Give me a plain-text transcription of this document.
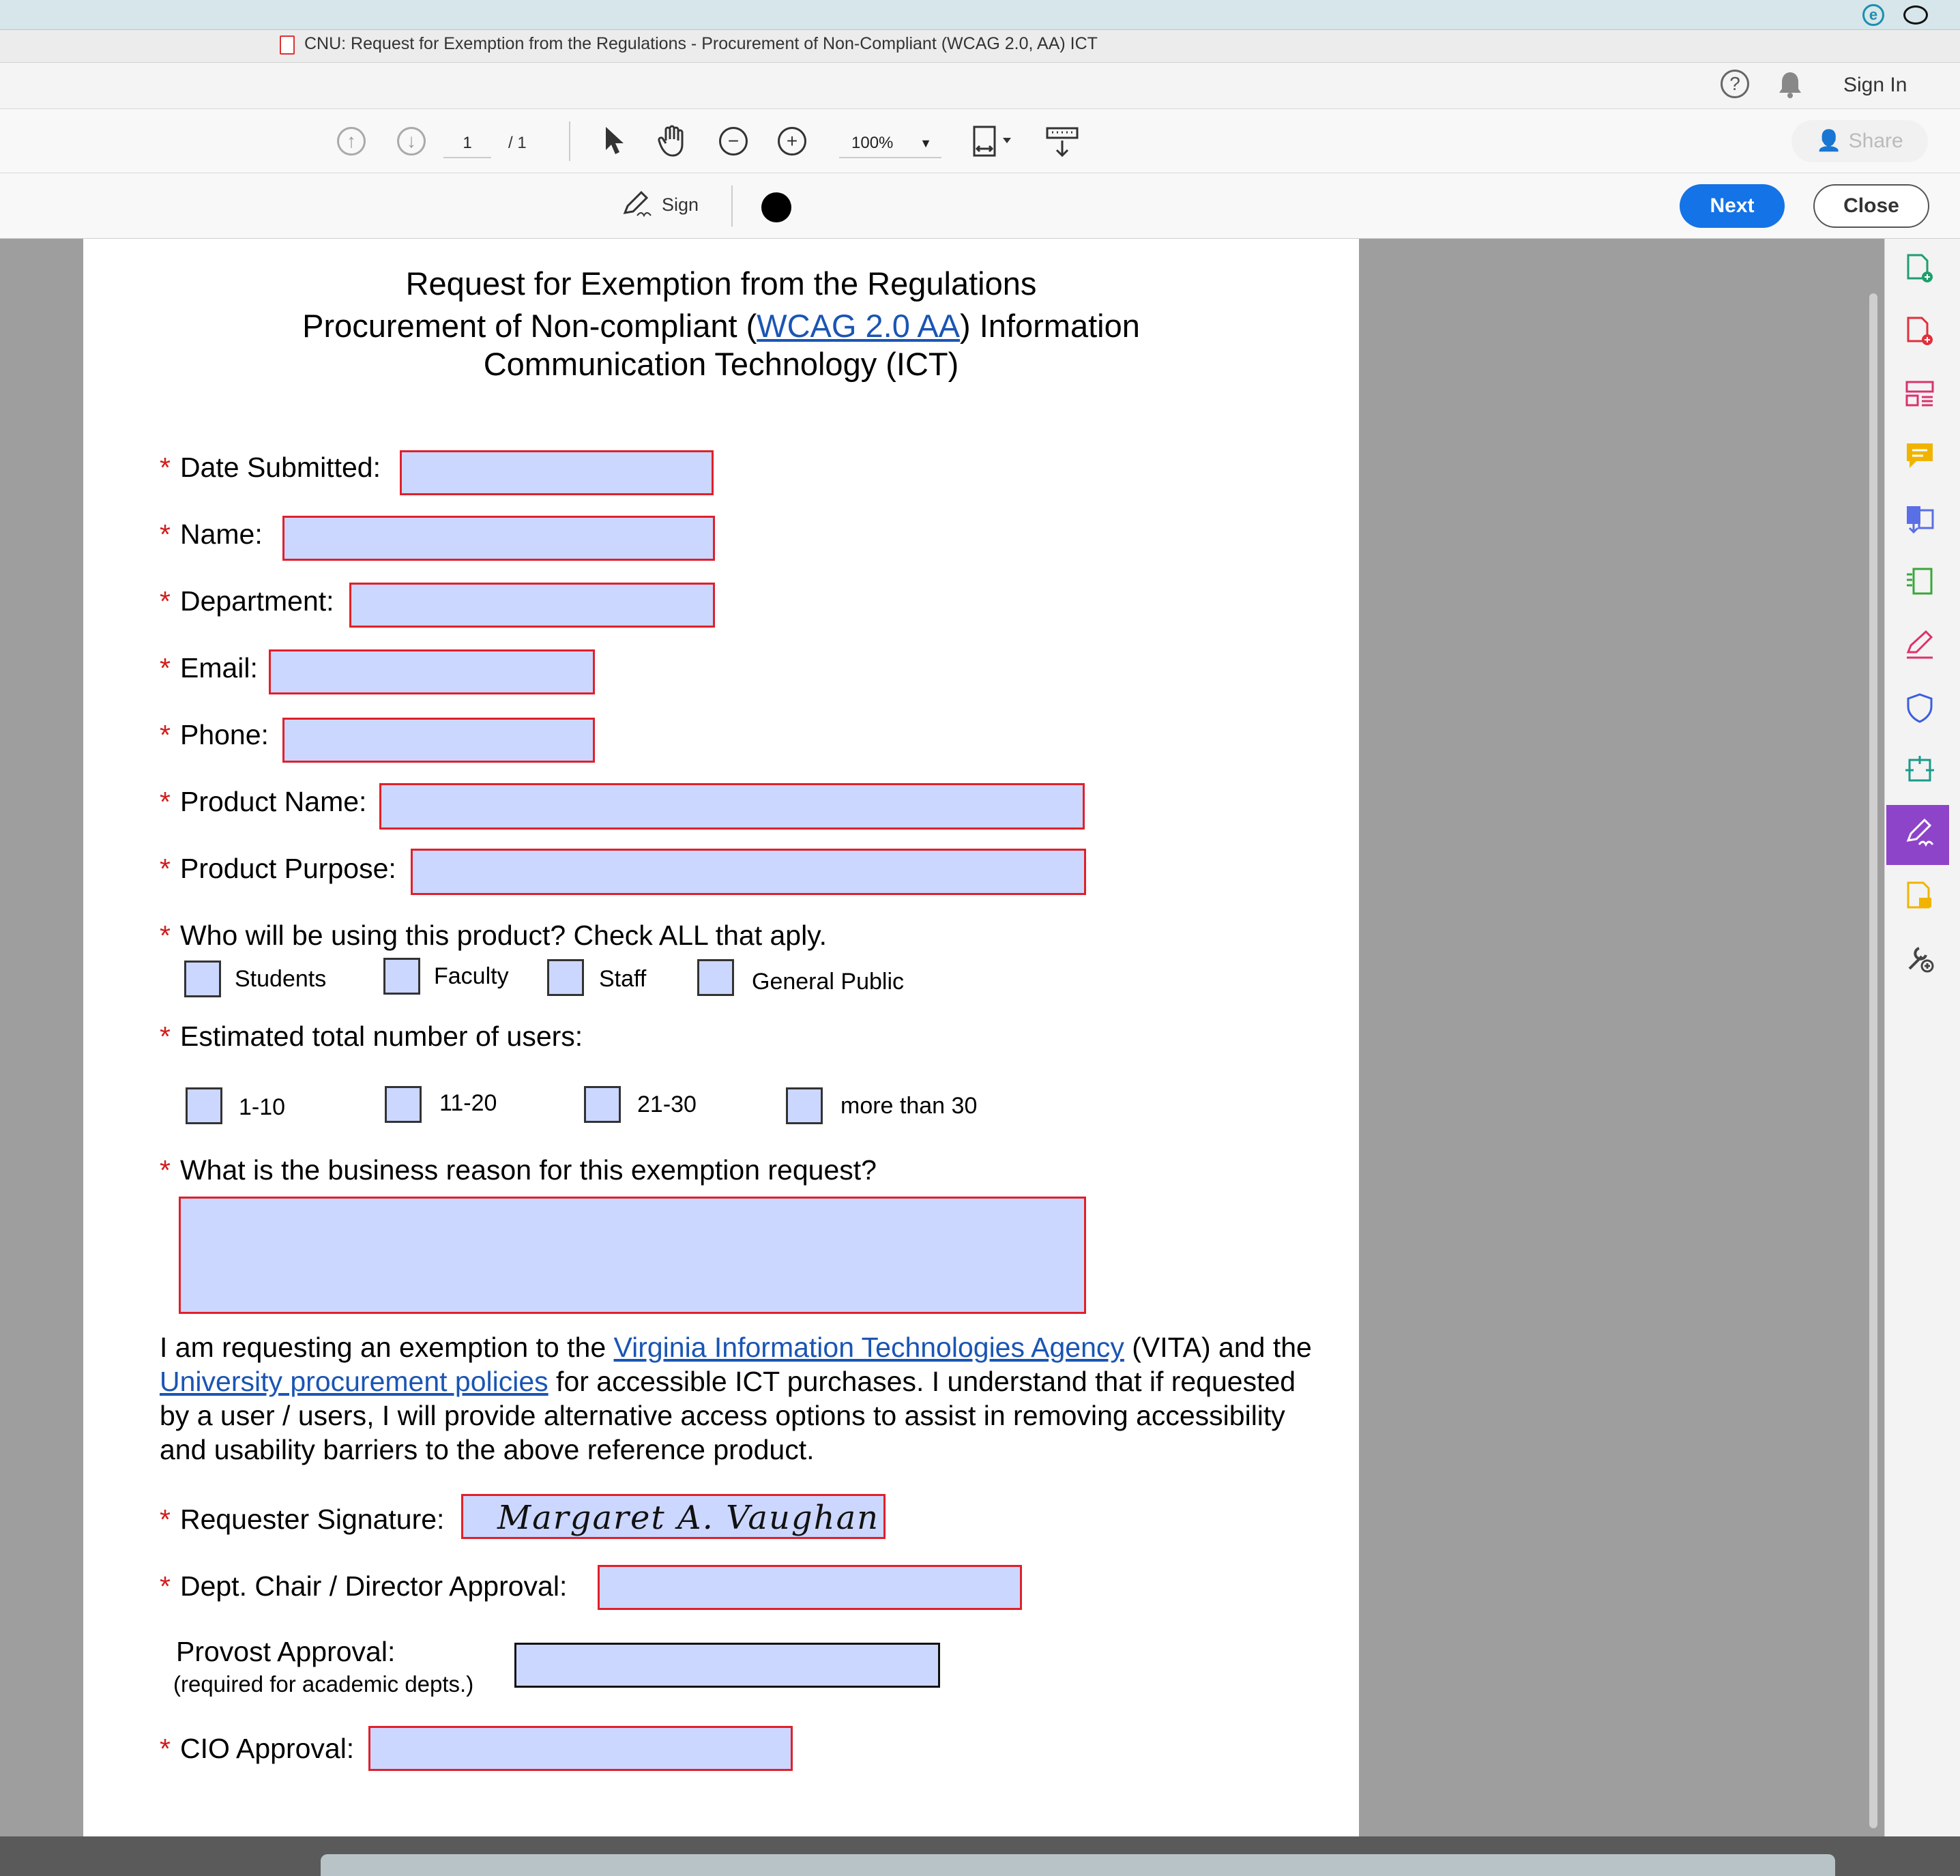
e
CNU: Request for Exemption from the Regulations - Procurement of Non-Compliant (WCAG 2.0, AA) ICT
?	Sign In
↑	↓	1	/ 1	−	+	100% ▼	👤 Share
Sign	Next	Close
Request for Exemption from the Regulations
Procurement of Non-compliant (WCAG 2.0 AA) Information
Communication Technology (ICT)
* Date Submitted:
* Name:
* Department:
* Email:
* Phone:
* Product Name:
* Product Purpose:
* Who will be using this product? Check ALL that aply.
Students	Faculty	Staff	General Public
* Estimated total number of users:
1-10	11-20	21-30	more than 30
* What is the business reason for this exemption request?
I am requesting an exemption to the Virginia Information Technologies Agency (VITA) and the University procurement policies for accessible ICT purchases. I understand that if requested by a user / users, I will provide alternative access options to assist in removing accessibility and usability barriers to the above reference product.
* Requester Signature: Margaret A. Vaughan
* Dept. Chair / Director Approval:
Provost Approval:
(required for academic depts.)
* CIO Approval:
